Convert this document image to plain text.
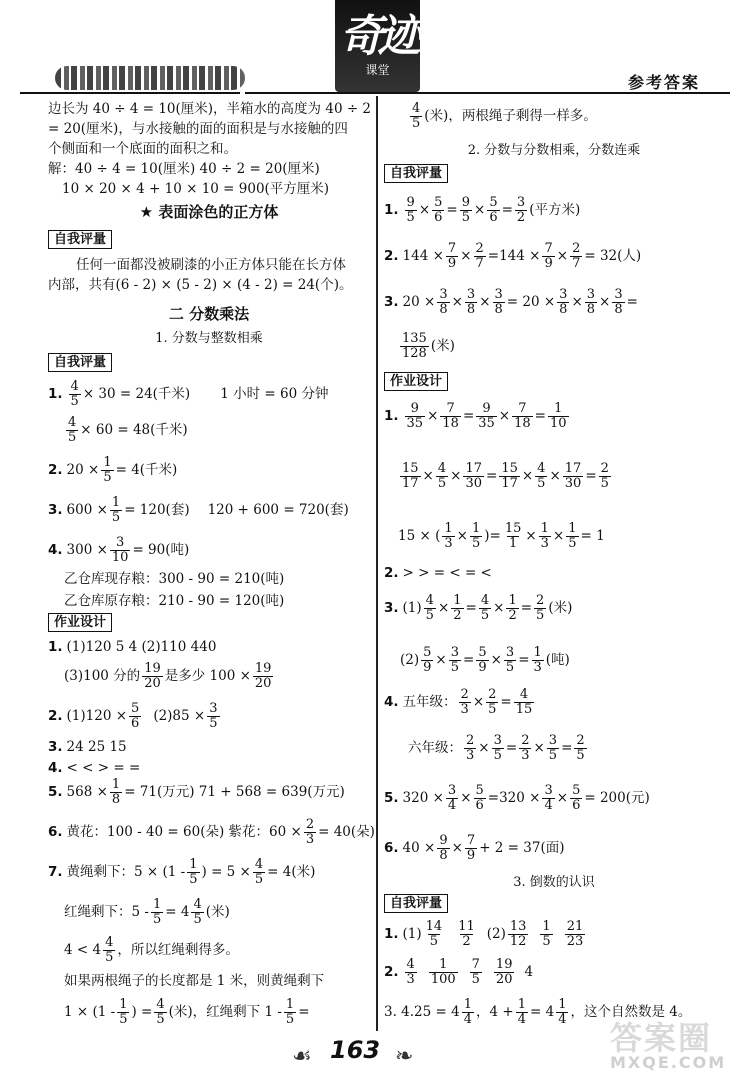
奇迹
课堂
参考答案
边长为 40 ÷ 4 = 10(厘米)，半箱水的高度为 40 ÷ 2
= 20(厘米)，与水接触的面的面积是与水接触的四
个侧面和一个底面的面积之和。
解：40 ÷ 4 = 10(厘米) 40 ÷ 2 = 20(厘米)
10 × 20 × 4 + 10 × 10 = 900(平方厘米)
★ 表面涂色的正方体
自我评量
任何一面都没被刷漆的小正方体只能在长方体
内部，共有(6 - 2) × (5 - 2) × (4 - 2) = 24(个)。
二 分数乘法
1. 分数与整数相乘
自我评量
1. $\frac{4}{5} \times 30 = 24$(千米) 1 小时 = 60 分钟
$\frac{4}{5} \times 60 = 48$(千米)
2. $20 \times \frac{1}{5} = 4$(千米)
3. $600 \times \frac{1}{5} = 120$(套) 120 + 600 = 720(套)
4. $300 \times \frac{3}{10} = 90$(吨)
乙仓库现存粮：300 - 90 = 210(吨)
乙仓库原存粮：210 - 90 = 120(吨)
作业设计
1. (1)120 5 4 (2)110 440
(3)100 分的 $\frac{19}{20}$ 是多少 $100 \times \frac{19}{20}$
2. $(1)120 \times \frac{5}{6} (2)85 \times \frac{3}{5}$
3. 24 25 15
4. < < > = =
5. $568 \times \frac{1}{8} = 71$(万元) 71 + 568 = 639(万元)
6. 黄花：100 - 40 = 60(朵) 紫花：$60 \times \frac{2}{3} = 40$(朵)
7. 黄绳剩下：$5 \times (1 - \frac{1}{5}$ ) = $5 \times \frac{4}{5} = 4$(米)
红绳剩下：$5 - \frac{1}{5} = 4 \frac{4}{5}$ (米)
$4 < 4 \frac{4}{5}$ ，所以红绳剩得多。
如果两根绳子的长度都是 1 米，则黄绳剩下
$1 \times (1 - \frac{1}{5}$ ) = $\frac{4}{5}$ (米)，红绳剩下 $1 - \frac{1}{5}$ =
$\frac{4}{5}$ (米)，两根绳子剩得一样多。
2. 分数与分数相乘，分数连乘
自我评量
1. $\frac{9}{5} \times \frac{5}{6} = \frac{9}{5} \times \frac{5}{6} = \frac{3}{2}$ (平方米)
2. $144 \times \frac{7}{9} \times \frac{2}{7} = 144 \times \frac{7}{9} \times \frac{2}{7} = 32$(人)
3. $20 \times \frac{3}{8} \times \frac{3}{8} \times \frac{3}{8} = 20 \times \frac{3}{8} \times \frac{3}{8} \times \frac{3}{8}$ =
$\frac{135}{128}$ (米)
作业设计
1. $\frac{9}{35} \times \frac{7}{18} = \frac{9}{35} \times \frac{7}{18} = \frac{1}{10}$
$\frac{15}{17} \times \frac{4}{5} \times \frac{17}{30} = \frac{15}{17} \times \frac{4}{5} \times \frac{17}{30} = \frac{2}{5}$
15 × ( $\frac{1}{3} \times \frac{1}{5}$ )= $\frac{15}{1} \times \frac{1}{3} \times \frac{1}{5} = 1$
2. > > = < = <
3. $(1) \frac{4}{5} \times \frac{1}{2} = \frac{4}{5} \times \frac{1}{2} = \frac{2}{5}$ (米)
$(2) \frac{5}{9} \times \frac{3}{5} = \frac{5}{9} \times \frac{3}{5} = \frac{1}{3}$ (吨)
4. 五年级： $\frac{2}{3} \times \frac{2}{5} = \frac{4}{15}$
六年级： $\frac{2}{3} \times \frac{3}{5} = \frac{2}{3} \times \frac{3}{5} = \frac{2}{5}$
5. $320 \times \frac{3}{4} \times \frac{5}{6} = 320 \times \frac{3}{4} \times \frac{5}{6} = 200$(元)
6. $40 \times \frac{9}{8} \times \frac{7}{9} + 2 = 37$(面)
3. 倒数的认识
自我评量
1. $(1) \frac{14}{5} \frac{11}{2} (2) \frac{13}{12} \frac{1}{5} \frac{21}{23}$
2. $\frac{4}{3} \frac{1}{100} \frac{7}{5} \frac{19}{20} 4$
3. $4.25 = 4 \frac{1}{4}$ ，$4 + \frac{1}{4} = 4 \frac{1}{4}$ ，这个自然数是 4。
☙ 163 ❧	答案圈
MXQE.COM
